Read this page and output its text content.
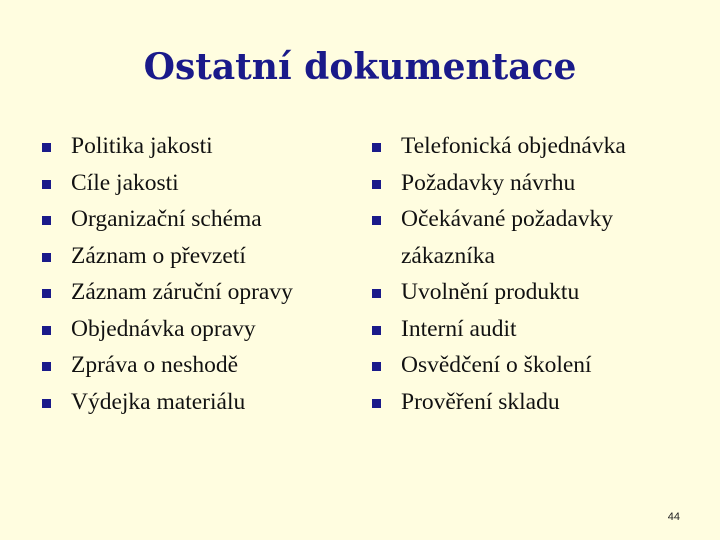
Ostatní dokumentace
Politika jakosti
Cíle jakosti
Organizační schéma
Záznam o převzetí
Záznam záruční opravy
Objednávka opravy
Zpráva o neshodě
Výdejka materiálu
Telefonická objednávka
Požadavky návrhu
Očekávané požadavky
zákazníka
Uvolnění produktu
Interní audit
Osvědčení o školení
Prověření skladu
44
